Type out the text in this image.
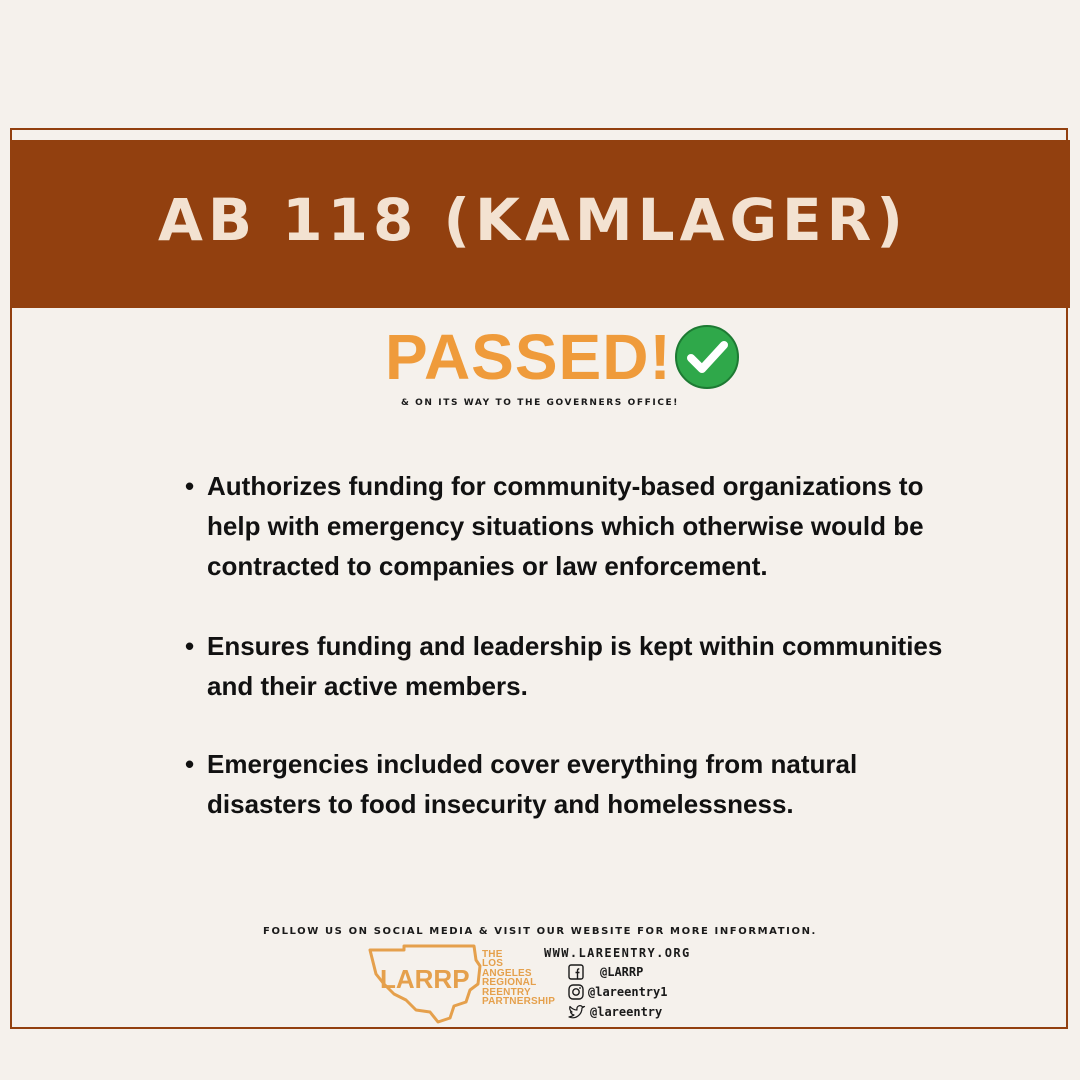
AB 118 (KAMLAGER)
PASSED!
& ON ITS WAY TO THE GOVERNERS OFFICE!
• Authorizes funding for community-based organizations to help with emergency situations which otherwise would be contracted to companies or law enforcement.
• Ensures funding and leadership is kept within communities and their active members.
• Emergencies included cover everything from natural disasters to food insecurity and homelessness.
FOLLOW US ON SOCIAL MEDIA & VISIT OUR WEBSITE FOR MORE INFORMATION.
LARRP
THE
LOS
ANGELES
REGIONAL
REENTRY
PARTNERSHIP
WWW.LAREENTRY.ORG
@LARRP
@lareentry1
@lareentry
